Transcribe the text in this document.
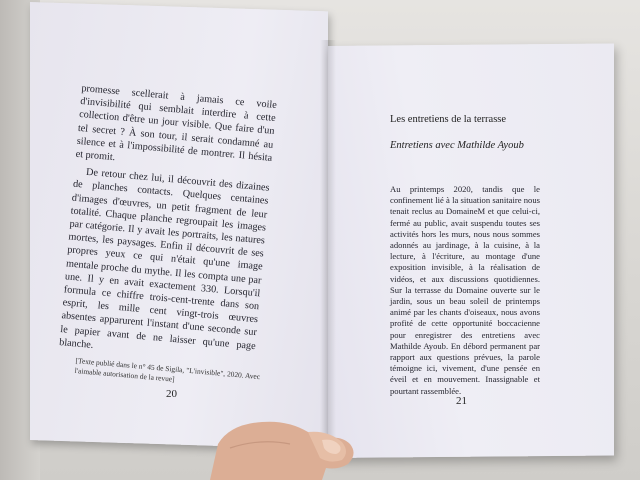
promesse scellerait à jamais ce voile d'invisibilité qui semblait interdire à cette collection d'être un jour visible. Que faire d'un tel secret ? À son tour, il serait condamné au silence et à l'impossibilité de montrer. Il hésita et promit.

De retour chez lui, il découvrit des dizaines de planches contacts. Quelques centaines d'images d'œuvres, un petit fragment de leur totalité. Chaque planche regroupait les images par catégorie. Il y avait les portraits, les natures mortes, les paysages. Enfin il découvrit de ses propres yeux ce qui n'était qu'une image mentale proche du mythe. Il les compta une par une. Il y en avait exactement 330. Lorsqu'il formula ce chiffre trois-cent-trente dans son esprit, les mille cent vingt-trois œuvres absentes apparurent l'instant d'une seconde sur le papier avant de ne laisser qu'une page blanche.

[Texte publié dans le n° 45 de Sigila, "L'invisible", 2020. Avec l'aimable autorisation de la revue]
20
Les entretiens de la terrasse
Entretiens avec Mathilde Ayoub
Au printemps 2020, tandis que le confinement lié à la situation sanitaire nous tenait reclus au DomaineM et que celui-ci, fermé au public, avait suspendu toutes ses activités hors les murs, nous nous sommes adonnés au jardinage, à la cuisine, à la lecture, à l'écriture, au montage d'une exposition invisible, à la réalisation de vidéos, et aux discussions quotidiennes. Sur la terrasse du Domaine ouverte sur le jardin, sous un beau soleil de printemps animé par les chants d'oiseaux, nous avons profité de cette opportunité boccacienne pour enregistrer des entretiens avec Mathilde Ayoub. En débord permanent par rapport aux questions prévues, la parole témoigne ici, vivement, d'une pensée en éveil et en mouvement. Inassignable et pourtant rassemblée.
21
